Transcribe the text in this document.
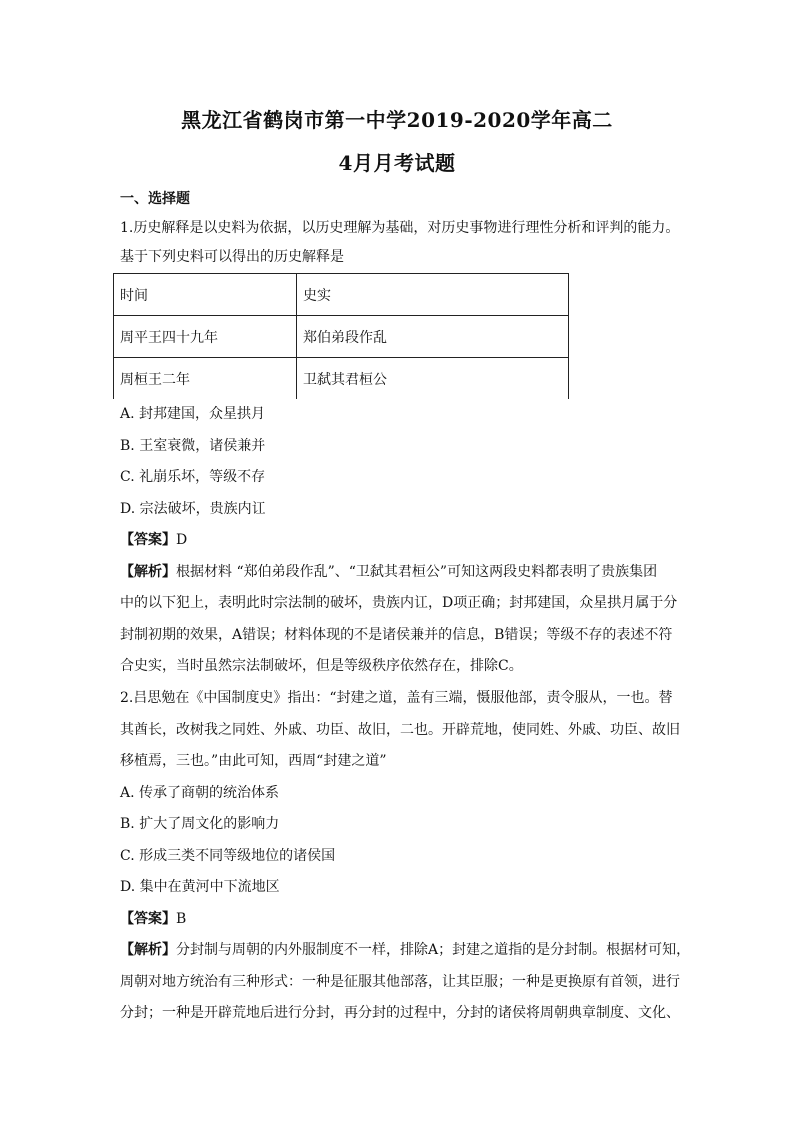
黑龙江省鹤岗市第一中学2019-2020学年高二
4月月考试题
一、选择题
1.历史解释是以史料为依据，以历史理解为基础，对历史事物进行理性分析和评判的能力。
基于下列史料可以得出的历史解释是
时间	史实
周平王四十九年	郑伯弟段作乱
周桓王二年	卫弑其君桓公
A. 封邦建国，众星拱月
B. 王室衰微，诸侯兼并
C. 礼崩乐坏，等级不存
D. 宗法破坏，贵族内讧
【答案】D
【解析】根据材料 “郑伯弟段作乱”、“卫弑其君桓公”可知这两段史料都表明了贵族集团
中的以下犯上，表明此时宗法制的破坏，贵族内讧，D项正确；封邦建国，众星拱月属于分
封制初期的效果，A错误；材料体现的不是诸侯兼并的信息，B错误；等级不存的表述不符
合史实，当时虽然宗法制破坏，但是等级秩序依然存在，排除C。
2.吕思勉在《中国制度史》指出：“封建之道，盖有三端，慑服他部，责令服从，一也。替
其酋长，改树我之同姓、外戚、功臣、故旧，二也。开辟荒地，使同姓、外戚、功臣、故旧
移植焉，三也。”由此可知，西周“封建之道”
A. 传承了商朝的统治体系
B. 扩大了周文化的影响力
C. 形成三类不同等级地位的诸侯国
D. 集中在黄河中下流地区
【答案】B
【解析】分封制与周朝的内外服制度不一样，排除A；封建之道指的是分封制。根据材可知，
周朝对地方统治有三种形式：一种是征服其他部落，让其臣服；一种是更换原有首领，进行
分封；一种是开辟荒地后进行分封，再分封的过程中，分封的诸侯将周朝典章制度、文化、
